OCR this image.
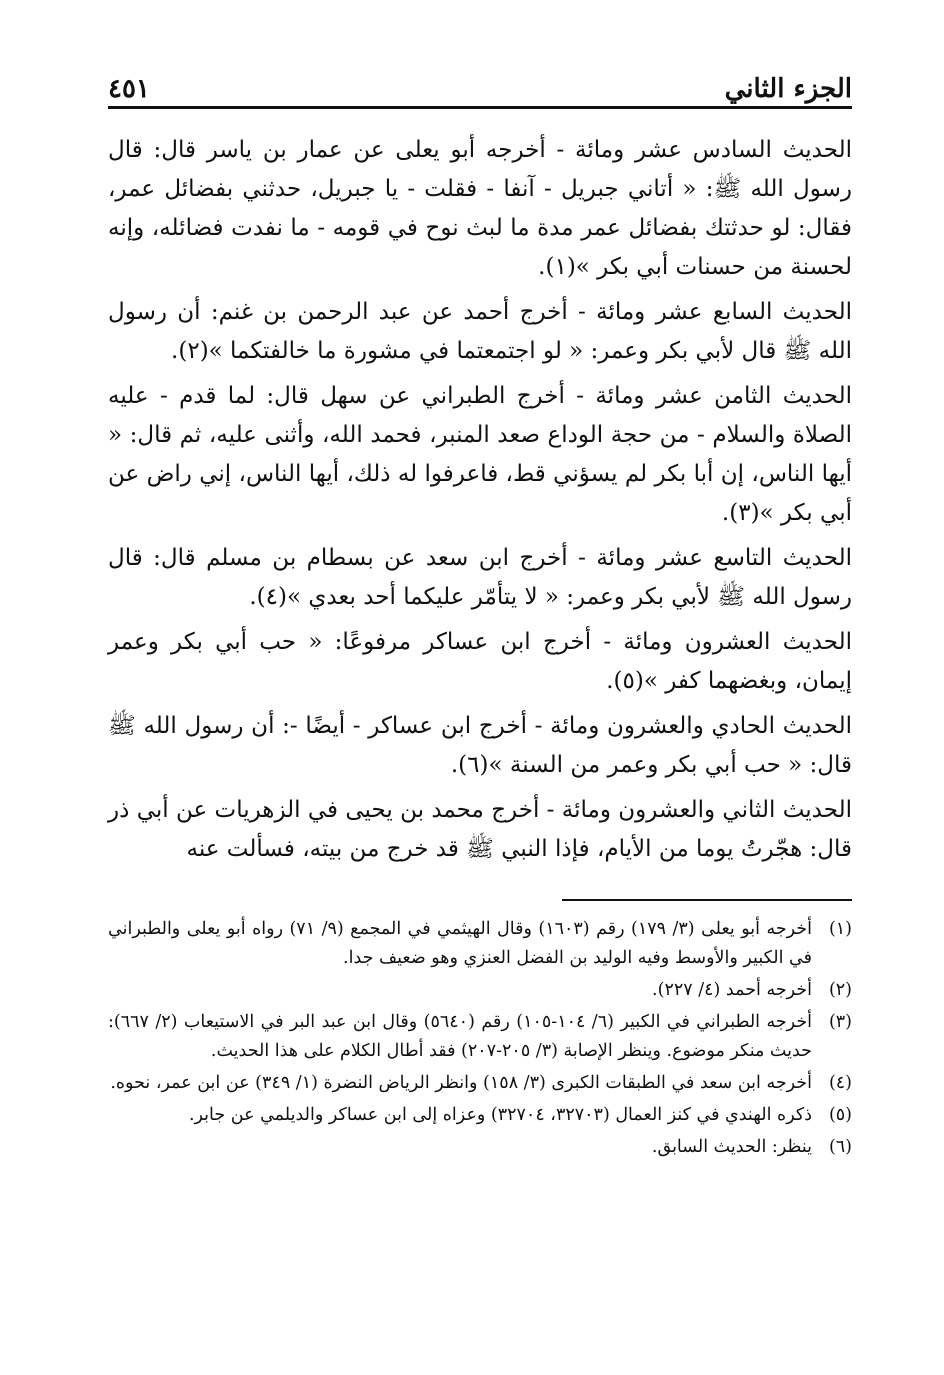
الجزء الثاني
٤٥١

الحديث السادس عشر ومائة - أخرجه أبو يعلى عن عمار بن ياسر قال: قال رسول الله ﷺ: « أتاني جبريل - آنفا - فقلت - يا جبريل، حدثني بفضائل عمر، فقال: لو حدثتك بفضائل عمر مدة ما لبث نوح في قومه - ما نفدت فضائله، وإنه لحسنة من حسنات أبي بكر »(١).

الحديث السابع عشر ومائة - أخرج أحمد عن عبد الرحمن بن غنم: أن رسول الله ﷺ قال لأبي بكر وعمر: « لو اجتمعتما في مشورة ما خالفتكما »(٢).

الحديث الثامن عشر ومائة - أخرج الطبراني عن سهل قال: لما قدم - عليه الصلاة والسلام - من حجة الوداع صعد المنبر، فحمد الله، وأثنى عليه، ثم قال: « أيها الناس، إن أبا بكر لم يسؤني قط، فاعرفوا له ذلك، أيها الناس، إني راض عن أبي بكر »(٣).

الحديث التاسع عشر ومائة - أخرج ابن سعد عن بسطام بن مسلم قال: قال رسول الله ﷺ لأبي بكر وعمر: « لا يتأمّر عليكما أحد بعدي »(٤).

الحديث العشرون ومائة - أخرج ابن عساكر مرفوعًا: « حب أبي بكر وعمر إيمان، وبغضهما كفر »(٥).

الحديث الحادي والعشرون ومائة - أخرج ابن عساكر - أيضًا -: أن رسول الله ﷺ قال: « حب أبي بكر وعمر من السنة »(٦).

الحديث الثاني والعشرون ومائة - أخرج محمد بن يحيى في الزهريات عن أبي ذر قال: هجّرتُ يوما من الأيام، فإذا النبي ﷺ قد خرج من بيته، فسألت عنه

(١)
أخرجه أبو يعلى (٣/ ١٧٩) رقم (١٦٠٣) وقال الهيثمي في المجمع (٩/ ٧١) رواه أبو يعلى والطبراني في الكبير والأوسط وفيه الوليد بن الفضل العنزي وهو ضعيف جدا.
(٢)
أخرجه أحمد (٤/ ٢٢٧).
(٣)
أخرجه الطبراني في الكبير (٦/ ١٠٤-١٠٥) رقم (٥٦٤٠) وقال ابن عبد البر في الاستيعاب (٢/ ٦٦٧): حديث منكر موضوع. وينظر الإصابة (٣/ ٢٠٥-٢٠٧) فقد أطال الكلام على هذا الحديث.
(٤)
أخرجه ابن سعد في الطبقات الكبرى (٣/ ١٥٨) وانظر الرياض النضرة (١/ ٣٤٩) عن ابن عمر، نحوه.
(٥)
ذكره الهندي في كنز العمال (٣٢٧٠٣، ٣٢٧٠٤) وعزاه إلى ابن عساكر والديلمي عن جابر.
(٦)
ينظر: الحديث السابق.
